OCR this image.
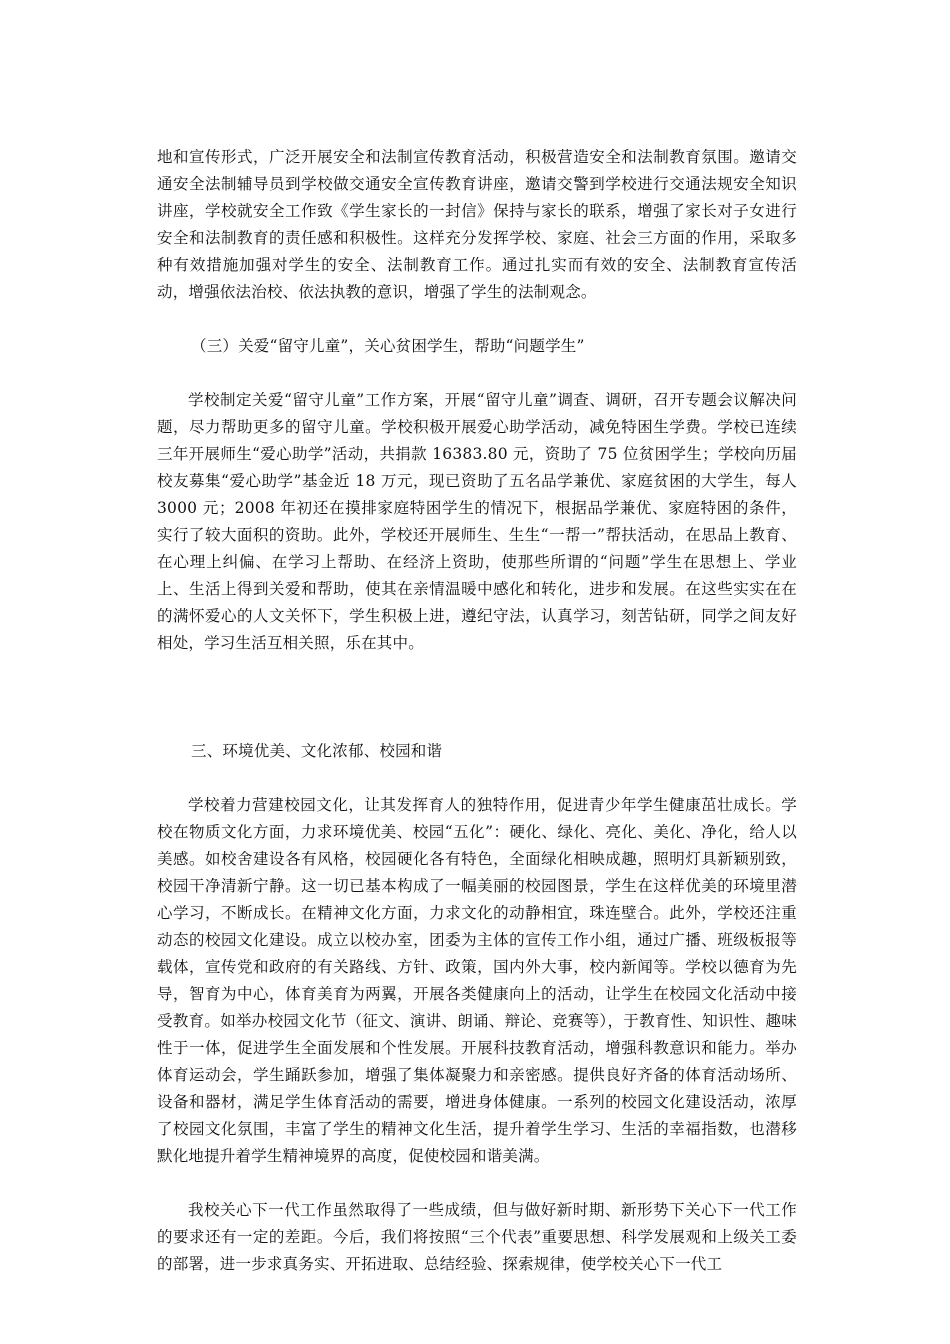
地和宣传形式，广泛开展安全和法制宣传教育活动，积极营造安全和法制教育氛围。邀请交通安全法制辅导员到学校做交通安全宣传教育讲座，邀请交警到学校进行交通法规安全知识讲座，学校就安全工作致《学生家长的一封信》保持与家长的联系，增强了家长对子女进行安全和法制教育的责任感和积极性。这样充分发挥学校、家庭、社会三方面的作用，采取多种有效措施加强对学生的安全、法制教育工作。通过扎实而有效的安全、法制教育宣传活动，增强依法治校、依法执教的意识，增强了学生的法制观念。

（三）关爱“留守儿童”，关心贫困学生，帮助“问题学生”

学校制定关爱“留守儿童”工作方案，开展“留守儿童”调查、调研，召开专题会议解决问题，尽力帮助更多的留守儿童。学校积极开展爱心助学活动，减免特困生学费。学校已连续三年开展师生“爱心助学”活动，共捐款 16383.80 元，资助了 75 位贫困学生；学校向历届校友募集“爱心助学”基金近 18 万元，现已资助了五名品学兼优、家庭贫困的大学生，每人 3000 元；2008 年初还在摸排家庭特困学生的情况下，根据品学兼优、家庭特困的条件，实行了较大面积的资助。此外，学校还开展师生、生生“一帮一”帮扶活动，在思品上教育、在心理上纠偏、在学习上帮助、在经济上资助，使那些所谓的“问题”学生在思想上、学业上、生活上得到关爱和帮助，使其在亲情温暖中感化和转化，进步和发展。在这些实实在在的满怀爱心的人文关怀下，学生积极上进，遵纪守法，认真学习，刻苦钻研，同学之间友好相处，学习生活互相关照，乐在其中。

三、环境优美、文化浓郁、校园和谐

学校着力营建校园文化，让其发挥育人的独特作用，促进青少年学生健康茁壮成长。学校在物质文化方面，力求环境优美、校园“五化”：硬化、绿化、亮化、美化、净化，给人以美感。如校舍建设各有风格，校园硬化各有特色，全面绿化相映成趣，照明灯具新颖别致，校园干净清新宁静。这一切已基本构成了一幅美丽的校园图景，学生在这样优美的环境里潜心学习，不断成长。在精神文化方面，力求文化的动静相宜，珠连壁合。此外，学校还注重动态的校园文化建设。成立以校办室，团委为主体的宣传工作小组，通过广播、班级板报等载体，宣传党和政府的有关路线、方针、政策，国内外大事，校内新闻等。学校以德育为先导，智育为中心，体育美育为两翼，开展各类健康向上的活动，让学生在校园文化活动中接受教育。如举办校园文化节（征文、演讲、朗诵、辩论、竞赛等），于教育性、知识性、趣味性于一体，促进学生全面发展和个性发展。开展科技教育活动，增强科教意识和能力。举办体育运动会，学生踊跃参加，增强了集体凝聚力和亲密感。提供良好齐备的体育活动场所、设备和器材，满足学生体育活动的需要，增进身体健康。一系列的校园文化建设活动，浓厚了校园文化氛围，丰富了学生的精神文化生活，提升着学生学习、生活的幸福指数，也潜移默化地提升着学生精神境界的高度，促使校园和谐美满。

我校关心下一代工作虽然取得了一些成绩，但与做好新时期、新形势下关心下一代工作的要求还有一定的差距。今后，我们将按照“三个代表”重要思想、科学发展观和上级关工委的部署，进一步求真务实、开拓进取、总结经验、探索规律，使学校关心下一代工
